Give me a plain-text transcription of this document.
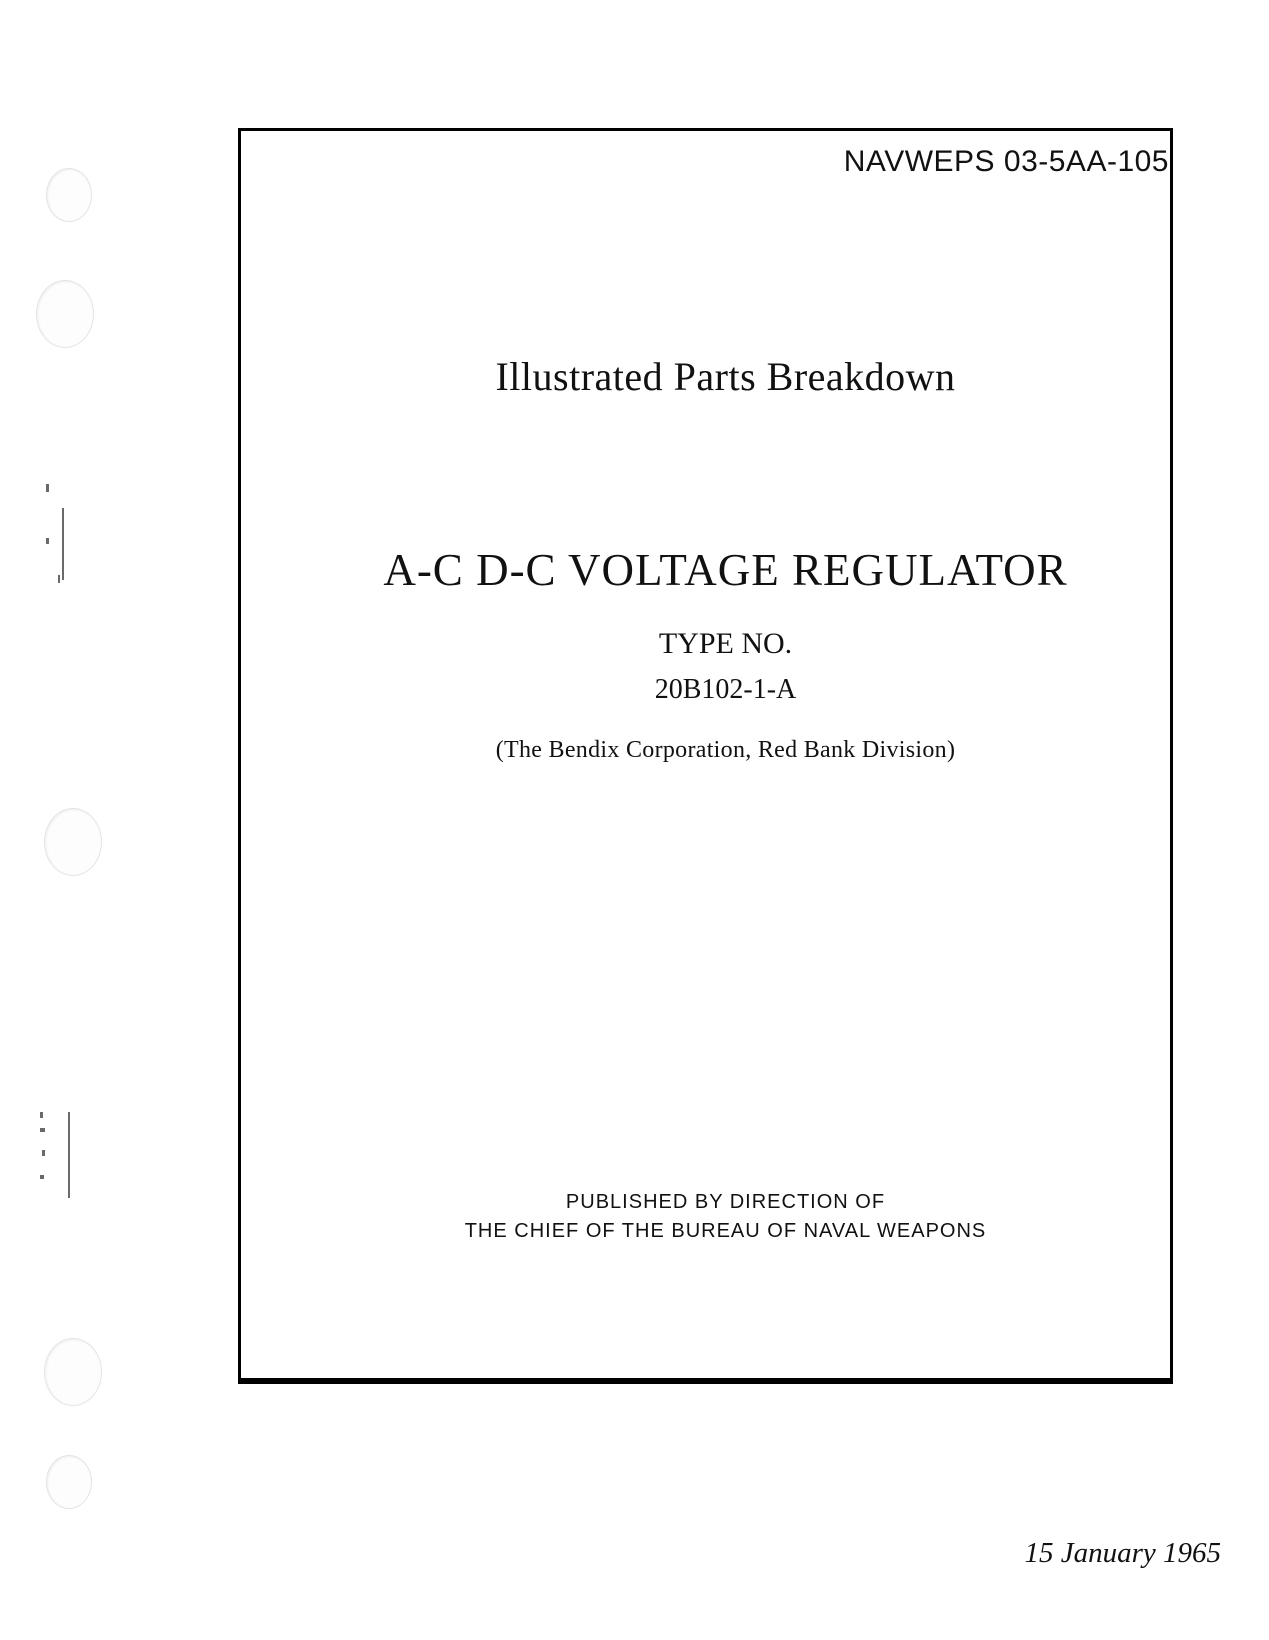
NAVWEPS 03-5AA-105
Illustrated Parts Breakdown
A-C D-C VOLTAGE REGULATOR
TYPE NO.
20B102-1-A
(The Bendix Corporation, Red Bank Division)
PUBLISHED BY DIRECTION OF
THE CHIEF OF THE BUREAU OF NAVAL WEAPONS
15 January 1965
